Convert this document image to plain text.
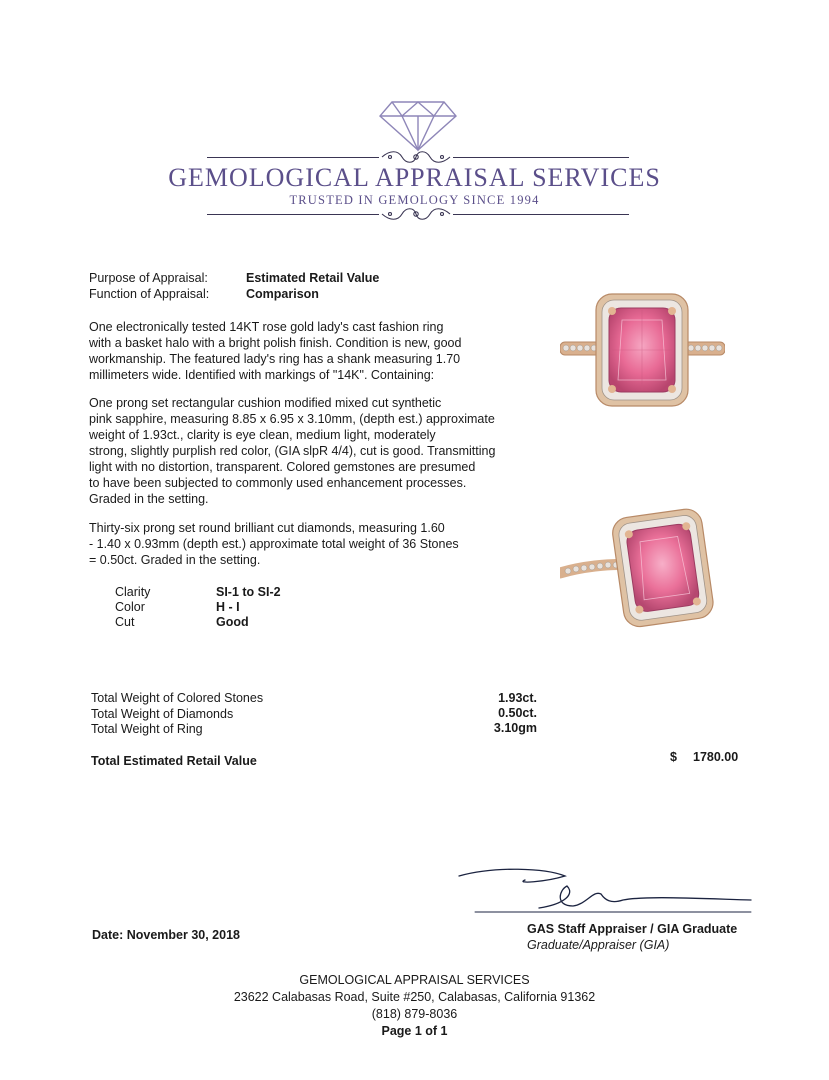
GEMOLOGICAL APPRAISAL SERVICES
TRUSTED IN GEMOLOGY SINCE 1994
Purpose of Appraisal:	Estimated Retail Value
Function of Appraisal:	Comparison
One electronically tested 14KT rose gold lady's cast fashion ring
with a basket halo with a bright polish finish. Condition is new, good
workmanship. The featured lady's ring has a shank measuring 1.70
millimeters wide. Identified with markings of "14K". Containing:
One prong set rectangular cushion modified mixed cut synthetic
pink sapphire, measuring 8.85 x 6.95 x 3.10mm, (depth est.) approximate
weight of 1.93ct., clarity is eye clean, medium light, moderately
strong, slightly purplish red color, (GIA slpR 4/4), cut is good. Transmitting
light with no distortion, transparent. Colored gemstones are presumed
to have been subjected to commonly used enhancement processes.
Graded in the setting.
Thirty-six prong set round brilliant cut diamonds, measuring 1.60
- 1.40 x 0.93mm (depth est.) approximate total weight of 36 Stones
= 0.50ct. Graded in the setting.
Clarity	SI-1 to SI-2
Color	H - I
Cut	Good
Total Weight of Colored Stones	1.93ct.
Total Weight of Diamonds	0.50ct.
Total Weight of Ring	3.10gm
Total Estimated Retail Value	$ 1780.00
Date: November 30, 2018	GAS Staff Appraiser / GIA Graduate
Graduate/Appraiser (GIA)
GEMOLOGICAL APPRAISAL SERVICES
23622 Calabasas Road, Suite #250, Calabasas, California 91362
(818) 879-8036
Page 1 of 1
